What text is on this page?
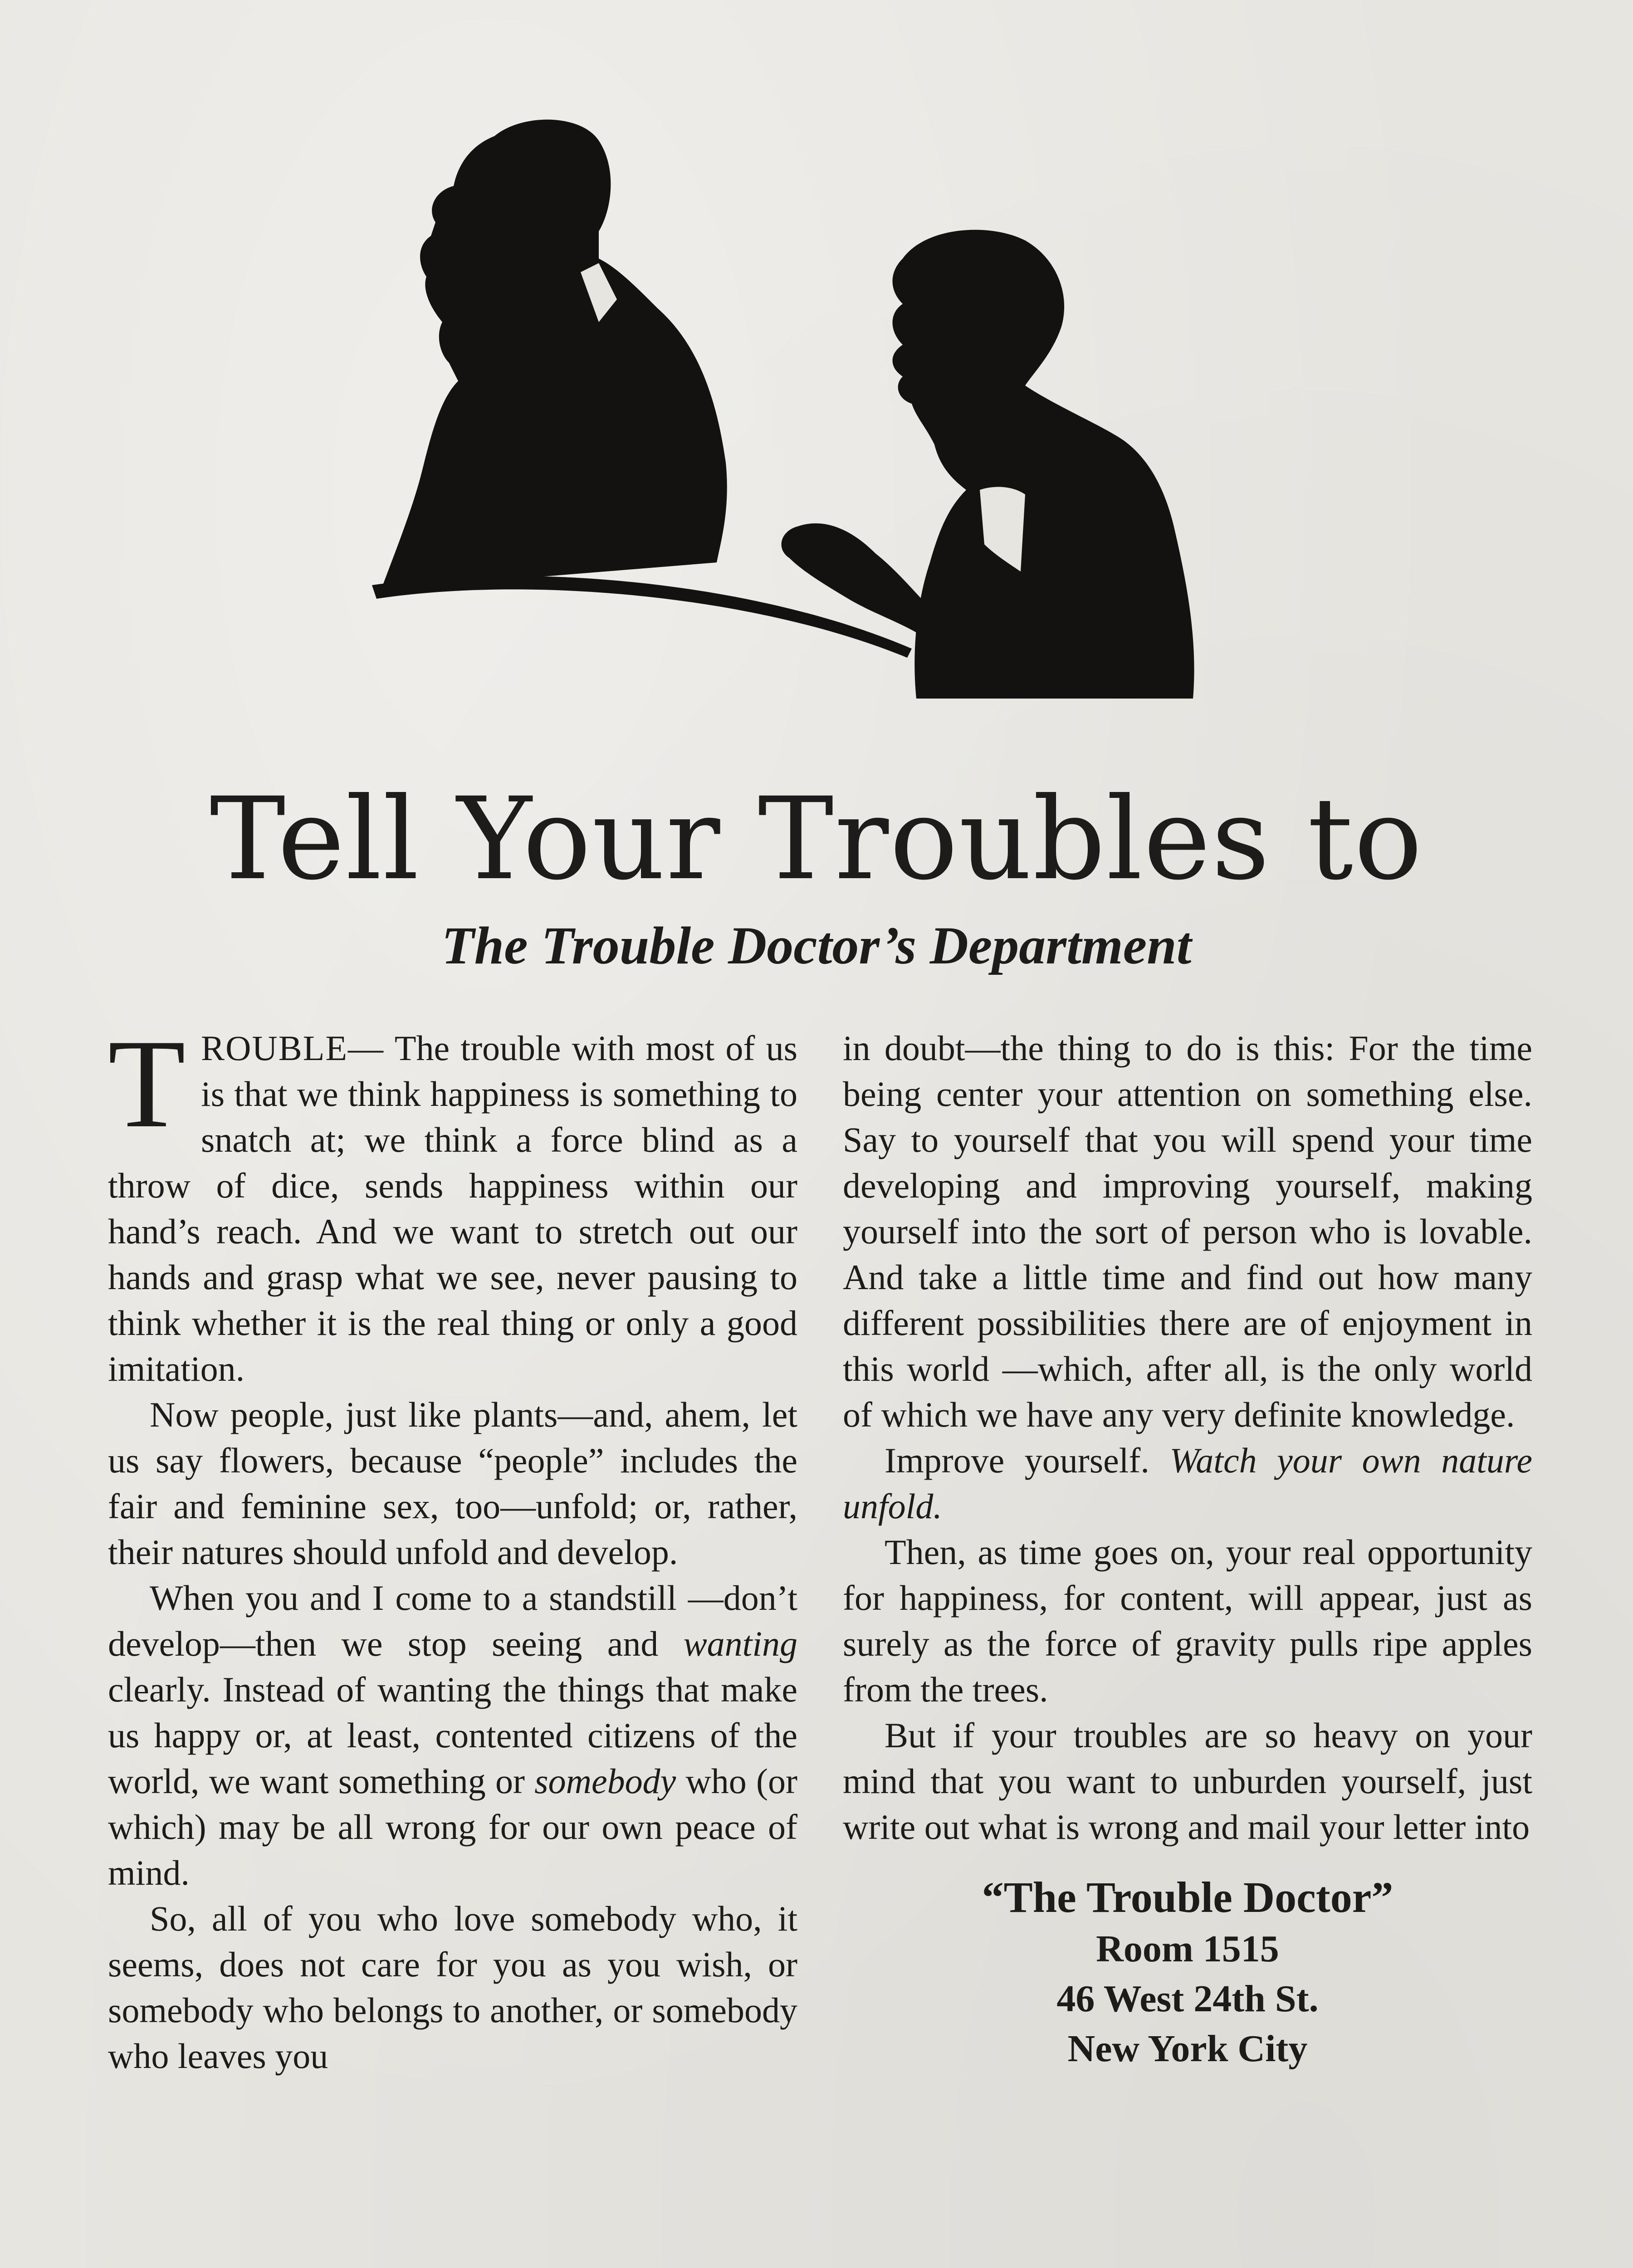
Tell Your Troubles to
The Trouble Doctor’s Department

T ROUBLE— The trouble with most of us is that we think happiness is something to snatch at; we think a force blind as a throw of dice, sends happiness within our hand’s reach. And we want to stretch out our hands and grasp what we see, never pausing to think whether it is the real thing or only a good imitation.

Now people, just like plants—and, ahem, let us say flowers, because “people” includes the fair and feminine sex, too—unfold; or, rather, their natures should unfold and develop.

When you and I come to a standstill —don’t develop—then we stop seeing and wanting clearly. Instead of wanting the things that make us happy or, at least, contented citizens of the world, we want something or somebody who (or which) may be all wrong for our own peace of mind.

So, all of you who love somebody who, it seems, does not care for you as you wish, or somebody who belongs to another, or somebody who leaves you

in doubt—the thing to do is this: For the time being center your attention on something else. Say to yourself that you will spend your time developing and improving yourself, making yourself into the sort of person who is lovable. And take a little time and find out how many different possibilities there are of enjoyment in this world —which, after all, is the only world of which we have any very definite knowledge.

Improve yourself. Watch your own nature unfold.

Then, as time goes on, your real opportunity for happiness, for content, will appear, just as surely as the force of gravity pulls ripe apples from the trees.

But if your troubles are so heavy on your mind that you want to unburden yourself, just write out what is wrong and mail your letter into

“The Trouble Doctor”
Room 1515
46 West 24th St.
New York City
